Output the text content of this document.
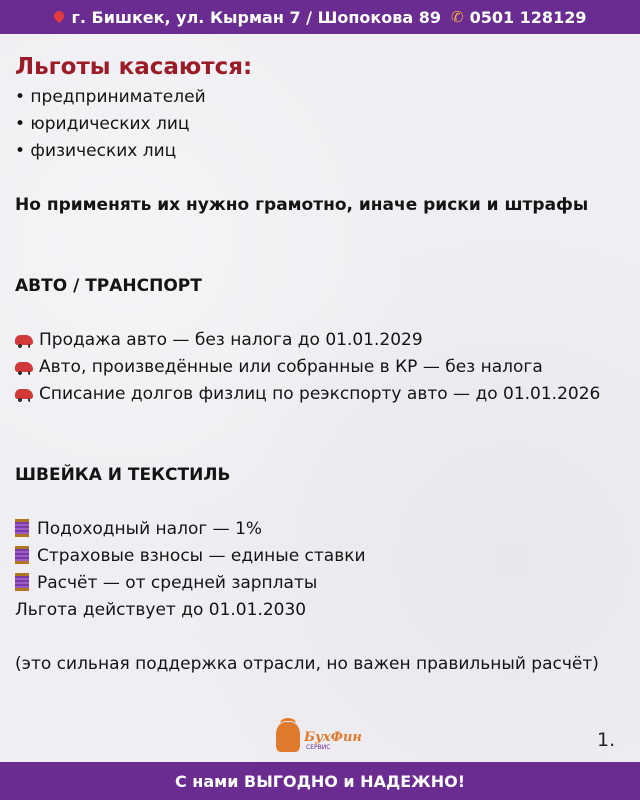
г. Бишкек, ул. Кырман 7 / Шопокова 89 ✆ 0501 128129
Льготы касаются:
• предпринимателей
• юридических лиц
• физических лиц
Но применять их нужно грамотно, иначе риски и штрафы
АВТО / ТРАНСПОРТ
Продажа авто — без налога до 01.01.2029
Авто, произведённые или собранные в КР — без налога
Списание долгов физлиц по реэкспорту авто — до 01.01.2026
ШВЕЙКА И ТЕКСТИЛЬ
Подоходный налог — 1%
Страховые взносы — единые ставки
Расчёт — от средней зарплаты
Льгота действует до 01.01.2030
(это сильная поддержка отрасли, но важен правильный расчёт)
БухФин
СЕРВИС	1.
С нами ВЫГОДНО и НАДЕЖНО!
